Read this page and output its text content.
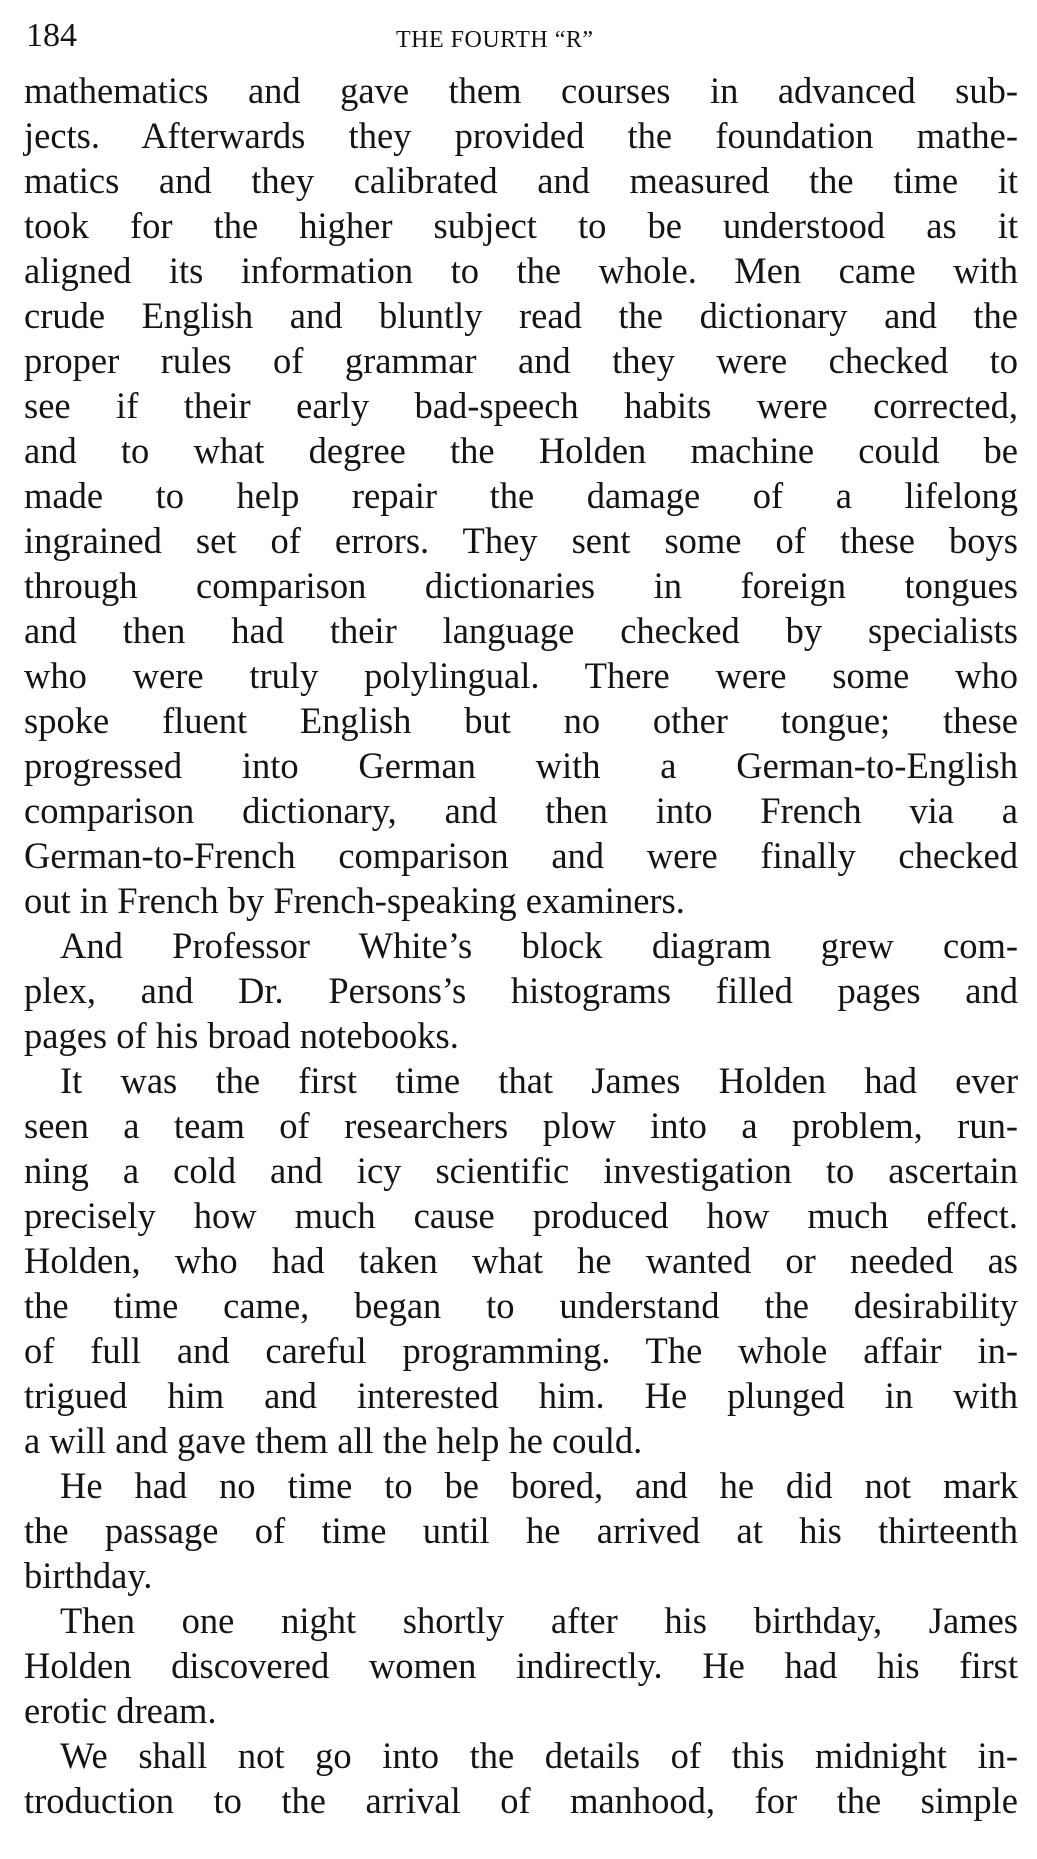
184	THE FOURTH “R”
mathematics and gave them courses in advanced sub-
jects. Afterwards they provided the foundation mathe-
matics and they calibrated and measured the time it
took for the higher subject to be understood as it
aligned its information to the whole. Men came with
crude English and bluntly read the dictionary and the
proper rules of grammar and they were checked to
see if their early bad-speech habits were corrected,
and to what degree the Holden machine could be
made to help repair the damage of a lifelong
ingrained set of errors. They sent some of these boys
through comparison dictionaries in foreign tongues
and then had their language checked by specialists
who were truly polylingual. There were some who
spoke fluent English but no other tongue; these
progressed into German with a German-to-English
comparison dictionary, and then into French via a
German-to-French comparison and were finally checked
out in French by French-speaking examiners.
And Professor White’s block diagram grew com-
plex, and Dr. Persons’s histograms filled pages and
pages of his broad notebooks.
It was the first time that James Holden had ever
seen a team of researchers plow into a problem, run-
ning a cold and icy scientific investigation to ascertain
precisely how much cause produced how much effect.
Holden, who had taken what he wanted or needed as
the time came, began to understand the desirability
of full and careful programming. The whole affair in-
trigued him and interested him. He plunged in with
a will and gave them all the help he could.
He had no time to be bored, and he did not mark
the passage of time until he arrived at his thirteenth
birthday.
Then one night shortly after his birthday, James
Holden discovered women indirectly. He had his first
erotic dream.
We shall not go into the details of this midnight in-
troduction to the arrival of manhood, for the simple
